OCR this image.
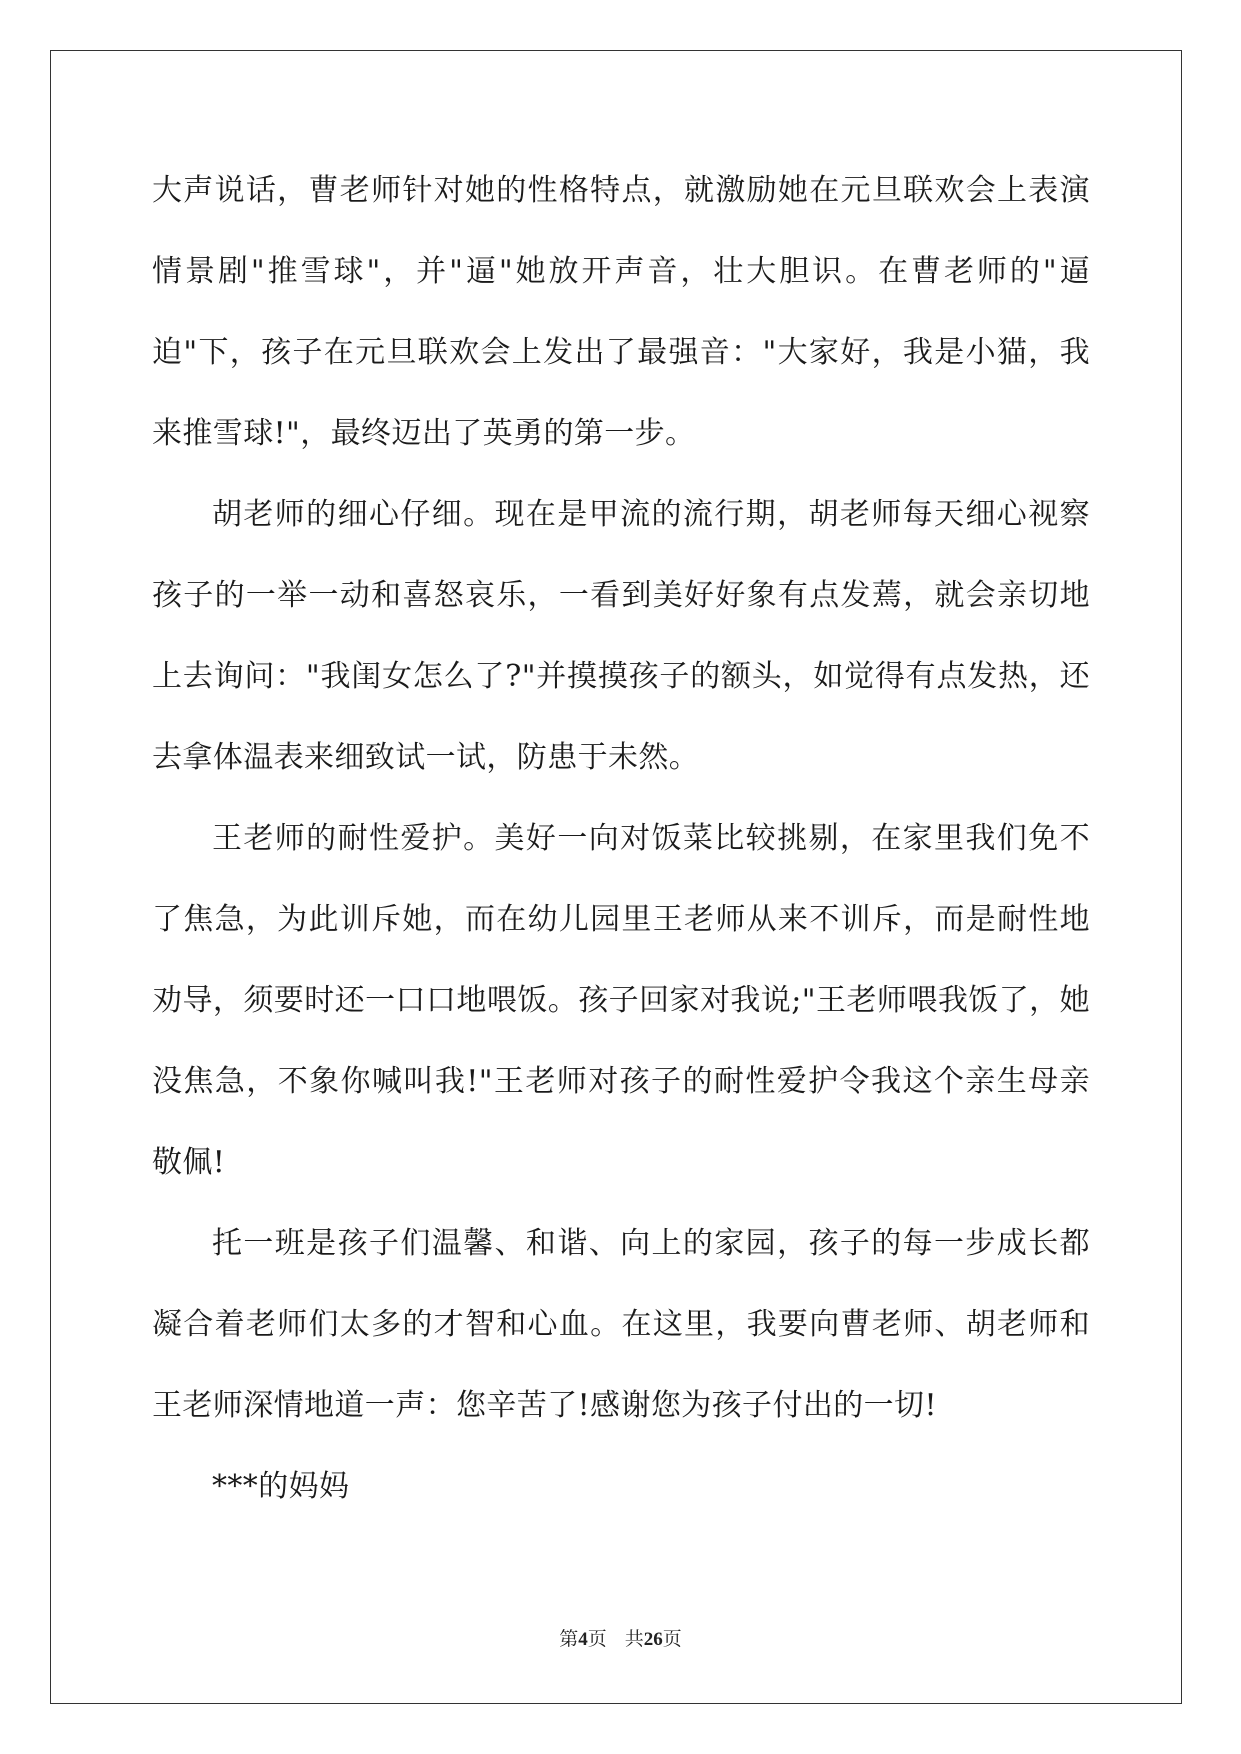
大声说话，曹老师针对她的性格特点，就激励她在元旦联欢会上表演情景剧"推雪球"，并"逼"她放开声音，壮大胆识。在曹老师的"逼迫"下，孩子在元旦联欢会上发出了最强音："大家好，我是小猫，我来推雪球!"，最终迈出了英勇的第一步。

胡老师的细心仔细。现在是甲流的流行期，胡老师每天细心视察孩子的一举一动和喜怒哀乐，一看到美好好象有点发蔫，就会亲切地上去询问："我闺女怎么了?"并摸摸孩子的额头，如觉得有点发热，还去拿体温表来细致试一试，防患于未然。

王老师的耐性爱护。美好一向对饭菜比较挑剔，在家里我们免不了焦急，为此训斥她，而在幼儿园里王老师从来不训斥，而是耐性地劝导，须要时还一口口地喂饭。孩子回家对我说;"王老师喂我饭了，她没焦急，不象你喊叫我!"王老师对孩子的耐性爱护令我这个亲生母亲敬佩!

托一班是孩子们温馨、和谐、向上的家园，孩子的每一步成长都凝合着老师们太多的才智和心血。在这里，我要向曹老师、胡老师和王老师深情地道一声：您辛苦了!感谢您为孩子付出的一切!

***的妈妈

第4页 共26页
